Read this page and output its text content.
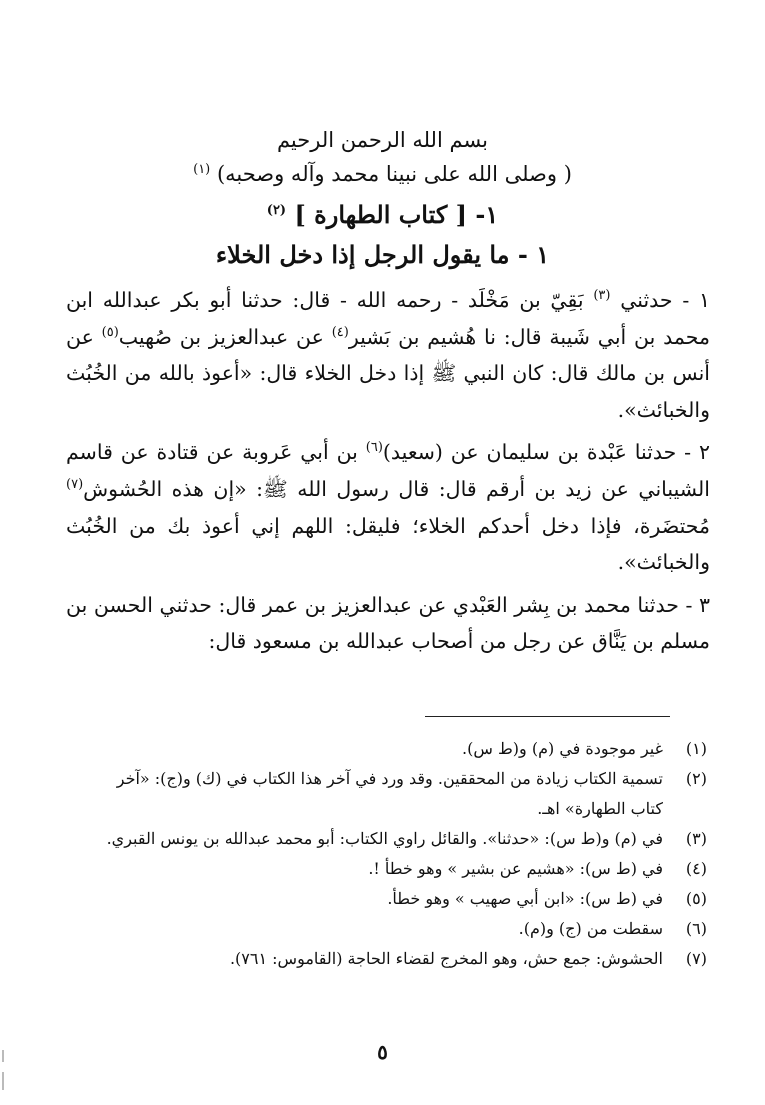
بسم الله الرحمن الرحيم
( وصلى الله على نبينا محمد وآله وصحبه) $^{(١)}$
١- [ كتاب الطهارة ] $^{(٢)}$
١ - ما يقول الرجل إذا دخل الخلاء

١ - حدثني $^{(٣)}$ بَقِيّ بن مَخْلَد - رحمه الله - قال: حدثنا أبو بكر عبدالله ابن محمد بن أبي شَيبة قال: نا هُشيم بن بَشير$^{(٤)}$ عن عبدالعزيز بن صُهيب$^{(٥)}$ عن أنس بن مالك قال: كان النبي ﷺ إذا دخل الخلاء قال: «أعوذ بالله من الخُبُث والخبائث».

٢ - حدثنا عَبْدة بن سليمان عن (سعيد)$^{(٦)}$ بن أبي عَروبة عن قتادة عن قاسم الشيباني عن زيد بن أرقم قال: قال رسول الله ﷺ: «إن هذه الحُشوش$^{(٧)}$ مُحتضَرة، فإذا دخل أحدكم الخلاء؛ فليقل: اللهم إني أعوذ بك من الخُبُث والخبائث».

٣ - حدثنا محمد بن بِشر العَبْدي عن عبدالعزيز بن عمر قال: حدثني الحسن بن مسلم بن يَنَّاق عن رجل من أصحاب عبدالله بن مسعود قال:

(١)
غير موجودة في (م) و(ط س).
(٢)
تسمية الكتاب زيادة من المحققين. وقد ورد في آخر هذا الكتاب في (ك) و(ج): «آخر كتاب الطهارة» اهـ.
(٣)
في (م) و(ط س): «حدثنا». والقائل راوي الكتاب: أبو محمد عبدالله بن يونس القبري.
(٤)
في (ط س): «هشيم عن بشير » وهو خطأ !.
(٥)
في (ط س): «ابن أبي صهيب » وهو خطأ.
(٦)
سقطت من (ج) و(م).
(٧)
الحشوش: جمع حش، وهو المخرج لقضاء الحاجة (القاموس: ٧٦١).
٥
